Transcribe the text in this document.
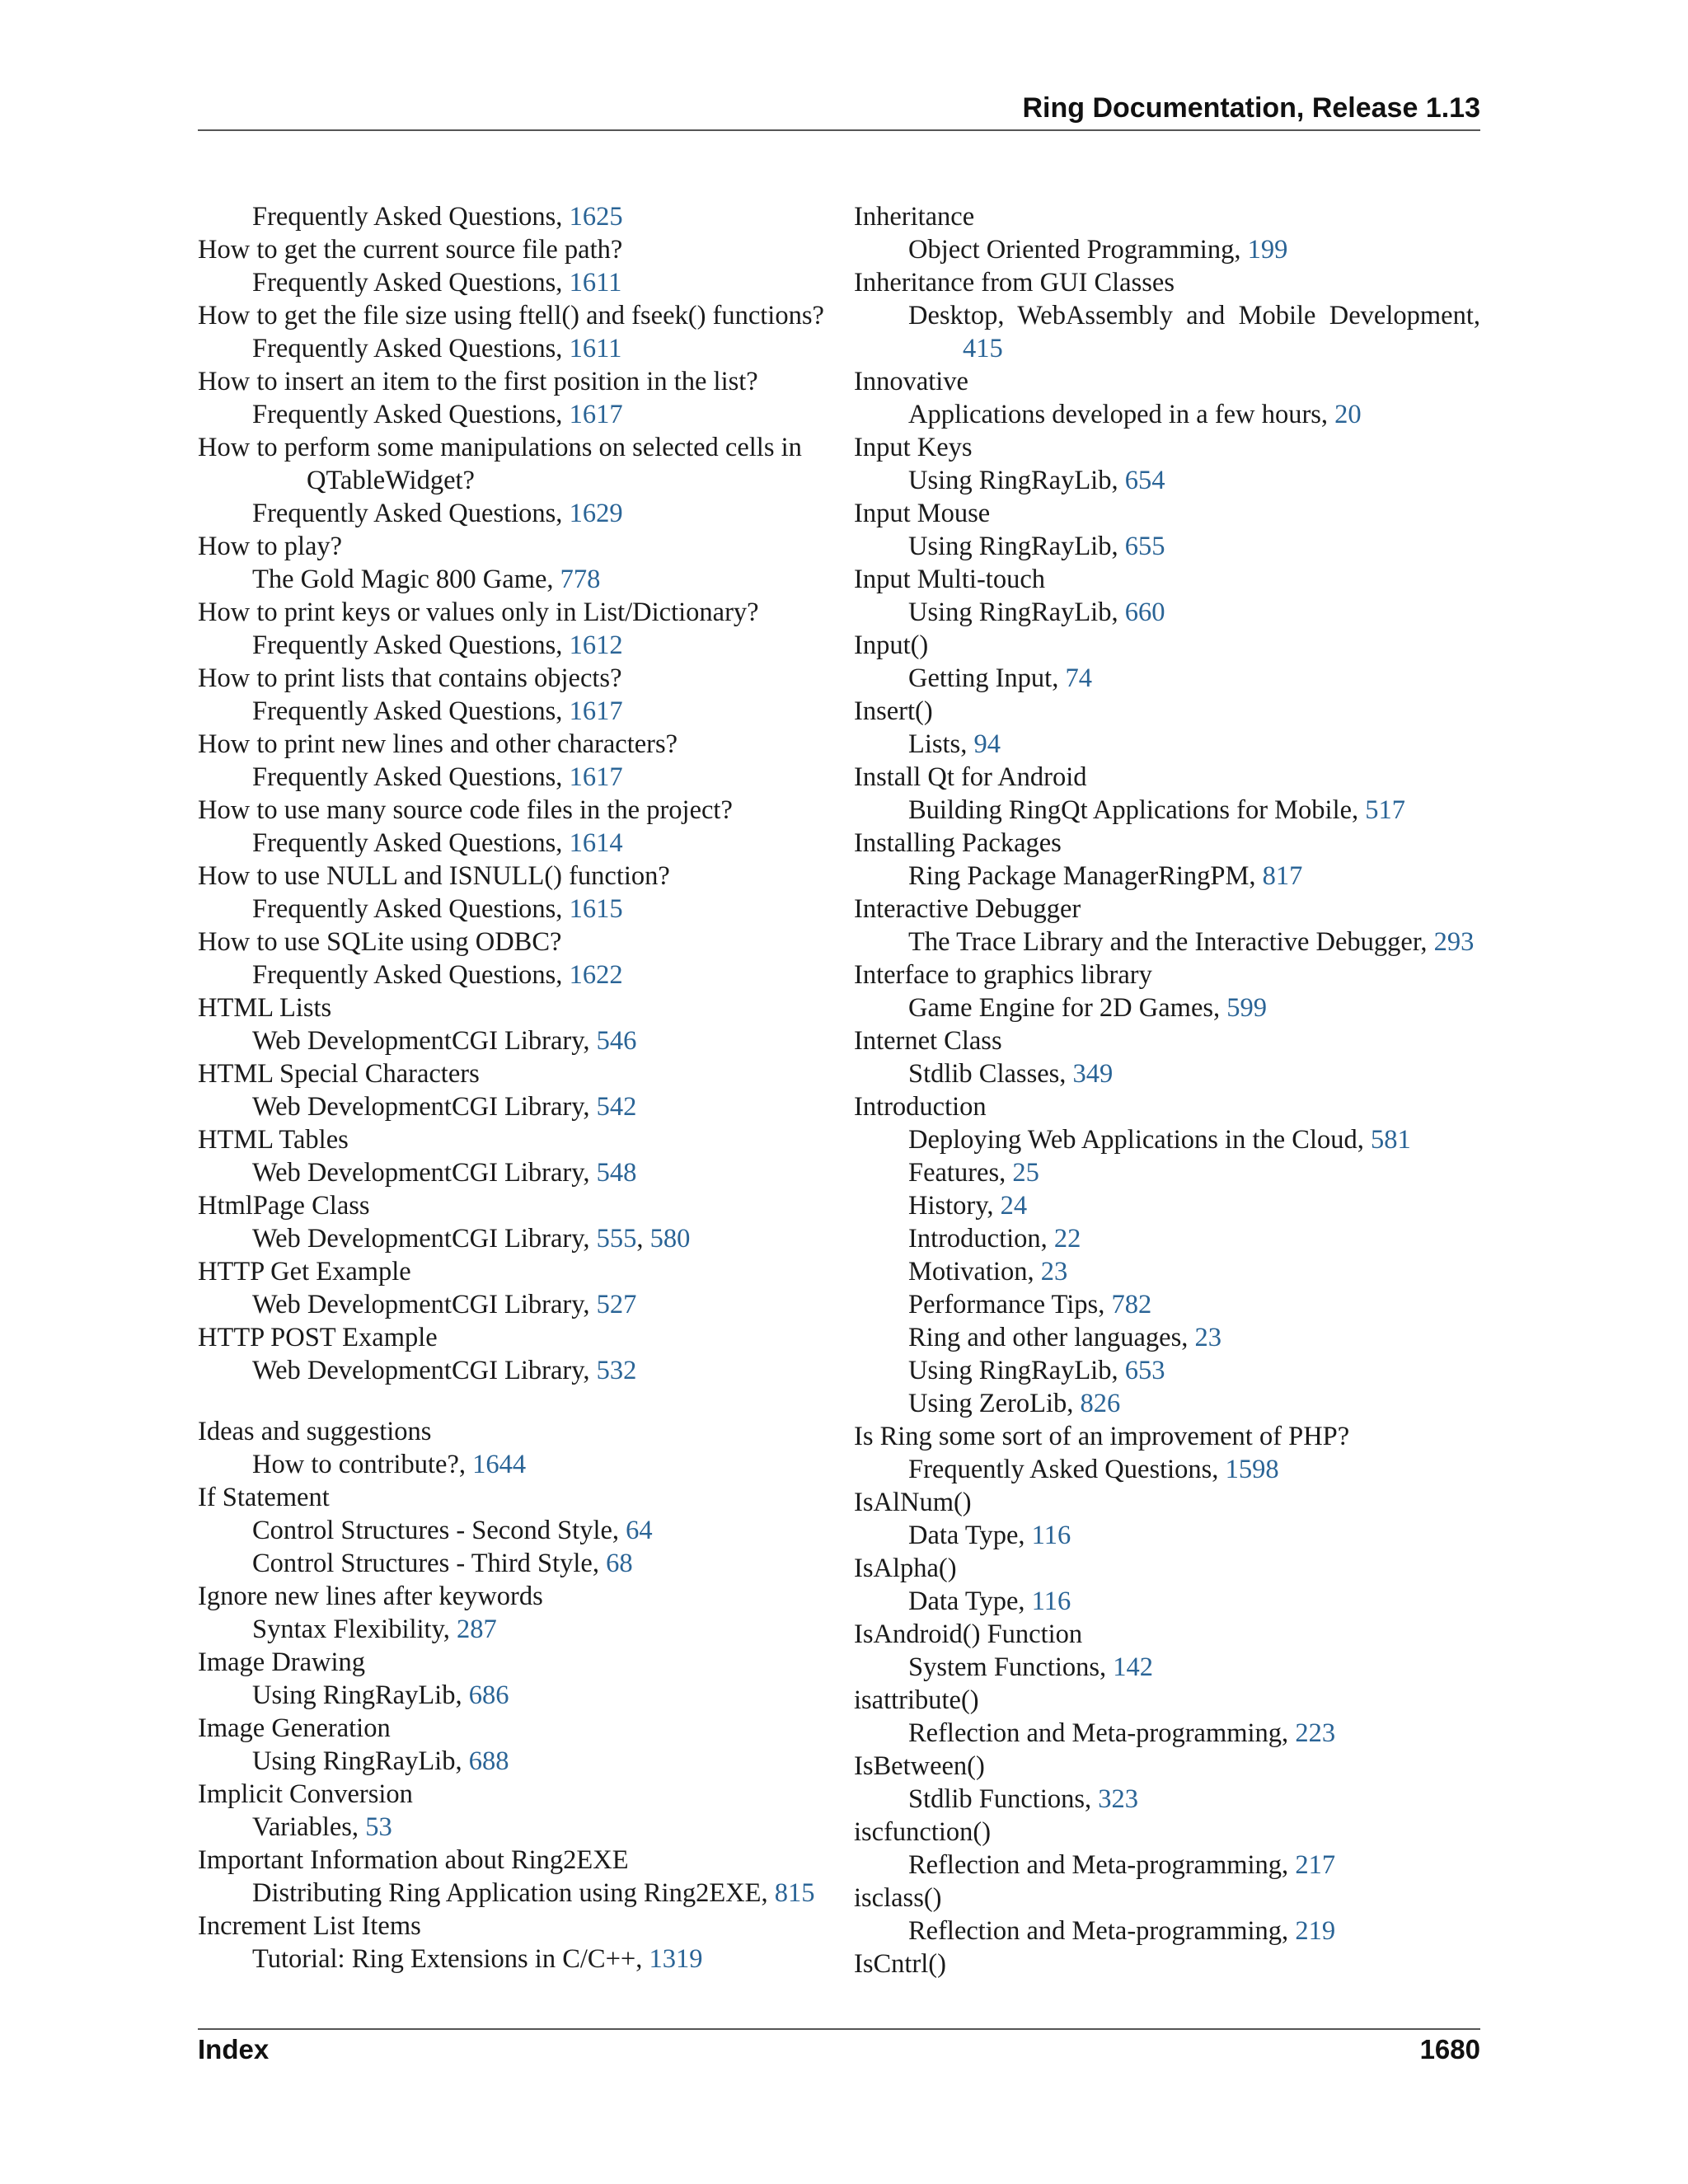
Ring Documentation, Release 1.13
Frequently Asked Questions, 1625
How to get the current source file path?
Frequently Asked Questions, 1611
How to get the file size using ftell() and fseek() functions?
Frequently Asked Questions, 1611
How to insert an item to the first position in the list?
Frequently Asked Questions, 1617
How to perform some manipulations on selected cells in
QTableWidget?
Frequently Asked Questions, 1629
How to play?
The Gold Magic 800 Game, 778
How to print keys or values only in List/Dictionary?
Frequently Asked Questions, 1612
How to print lists that contains objects?
Frequently Asked Questions, 1617
How to print new lines and other characters?
Frequently Asked Questions, 1617
How to use many source code files in the project?
Frequently Asked Questions, 1614
How to use NULL and ISNULL() function?
Frequently Asked Questions, 1615
How to use SQLite using ODBC?
Frequently Asked Questions, 1622
HTML Lists
Web DevelopmentCGI Library, 546
HTML Special Characters
Web DevelopmentCGI Library, 542
HTML Tables
Web DevelopmentCGI Library, 548
HtmlPage Class
Web DevelopmentCGI Library, 555, 580
HTTP Get Example
Web DevelopmentCGI Library, 527
HTTP POST Example
Web DevelopmentCGI Library, 532
Ideas and suggestions
How to contribute?, 1644
If Statement
Control Structures - Second Style, 64
Control Structures - Third Style, 68
Ignore new lines after keywords
Syntax Flexibility, 287
Image Drawing
Using RingRayLib, 686
Image Generation
Using RingRayLib, 688
Implicit Conversion
Variables, 53
Important Information about Ring2EXE
Distributing Ring Application using Ring2EXE, 815
Increment List Items
Tutorial: Ring Extensions in C/C++, 1319
Inheritance
Object Oriented Programming, 199
Inheritance from GUI Classes
Desktop, WebAssembly and Mobile Development,
415
Innovative
Applications developed in a few hours, 20
Input Keys
Using RingRayLib, 654
Input Mouse
Using RingRayLib, 655
Input Multi-touch
Using RingRayLib, 660
Input()
Getting Input, 74
Insert()
Lists, 94
Install Qt for Android
Building RingQt Applications for Mobile, 517
Installing Packages
Ring Package ManagerRingPM, 817
Interactive Debugger
The Trace Library and the Interactive Debugger, 293
Interface to graphics library
Game Engine for 2D Games, 599
Internet Class
Stdlib Classes, 349
Introduction
Deploying Web Applications in the Cloud, 581
Features, 25
History, 24
Introduction, 22
Motivation, 23
Performance Tips, 782
Ring and other languages, 23
Using RingRayLib, 653
Using ZeroLib, 826
Is Ring some sort of an improvement of PHP?
Frequently Asked Questions, 1598
IsAlNum()
Data Type, 116
IsAlpha()
Data Type, 116
IsAndroid() Function
System Functions, 142
isattribute()
Reflection and Meta-programming, 223
IsBetween()
Stdlib Functions, 323
iscfunction()
Reflection and Meta-programming, 217
isclass()
Reflection and Meta-programming, 219
IsCntrl()
Index	1680
